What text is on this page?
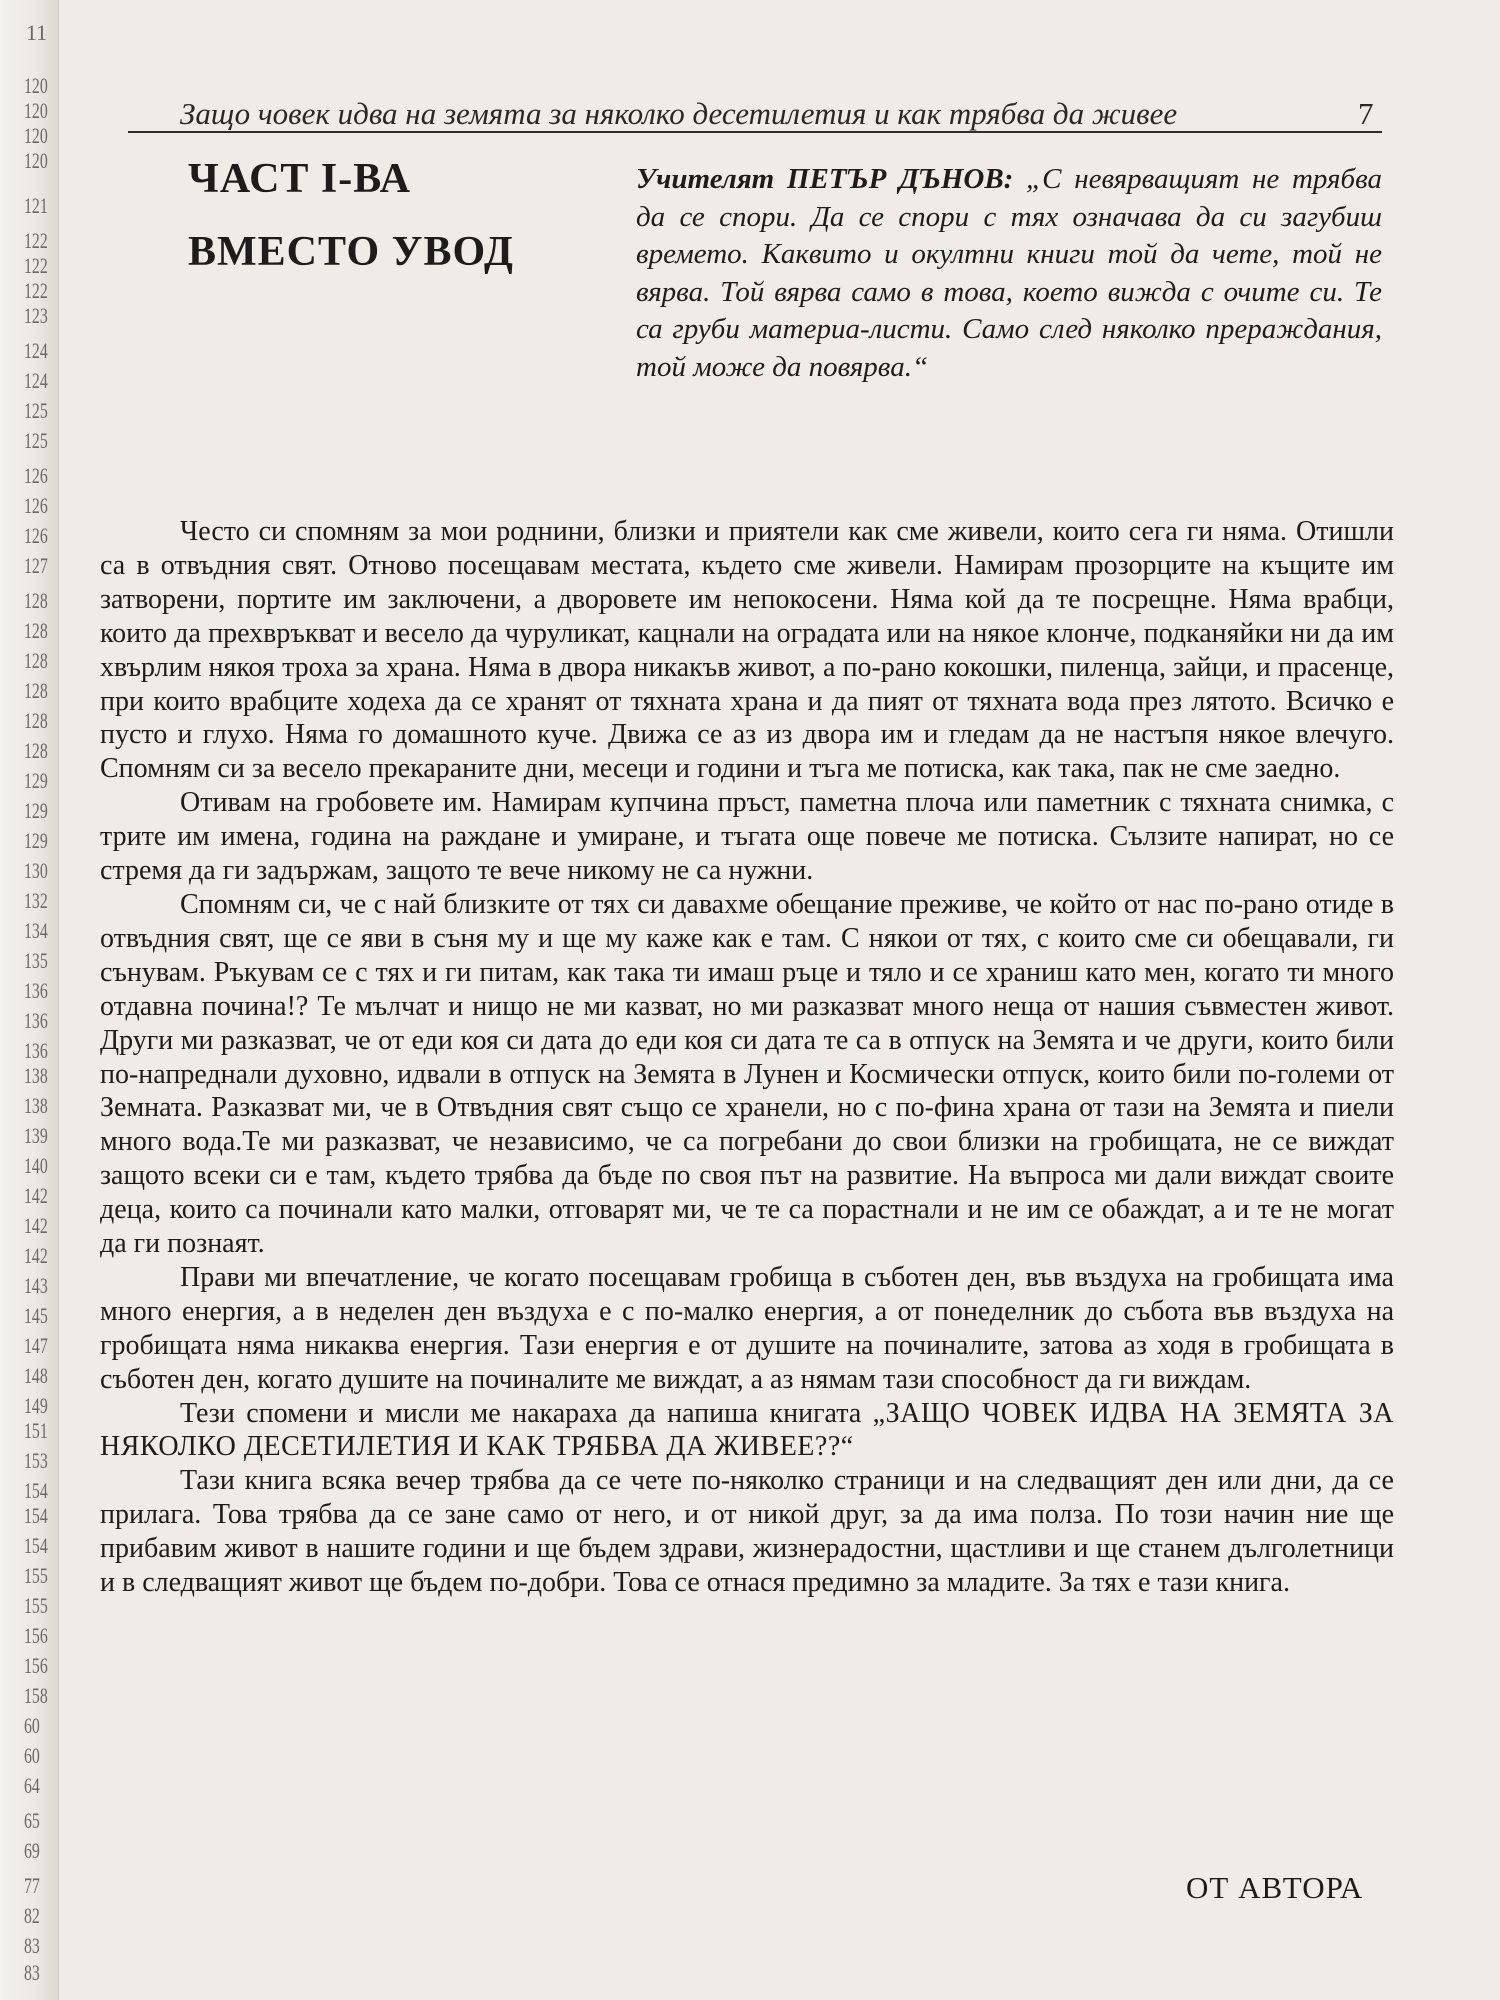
11
120
120
120
120
121
122
122
122
123
124
124
125
125
126
126
126
127
128
128
128
128
128
128
129
129
129
130
132
134
135
136
136
136
138
138
139
140
142
142
142
143
145
147
148
149
151
153
154
154
154
155
155
156
156
158
60
60
64
65
69
77
82
83
83
Защо човек идва на земята за няколко десетилетия и как трябва да живее	7
ЧАСТ I-ВА
ВМЕСТО УВОД
Учителят ПЕТЪР ДЪНОВ: „С невярващият не трябва да се спори. Да се спори с тях означава да си загубиш времето. Каквито и окултни книги той да чете, той не вярва. Той вярва само в това, което вижда с очите си. Те са груби материа-листи. Само след няколко прераждания, той може да повярва.“

Често си спомням за мои роднини, близки и приятели как сме живели, които сега ги няма. Отишли са в отвъдния свят. Отново посещавам местата, където сме живели. Намирам прозорците на къщите им затворени, портите им заключени, а дворовете им непокосени. Няма кой да те посрещне. Няма врабци, които да прехвръкват и весело да чуруликат, кацнали на оградата или на някое клонче, подканяйки ни да им хвърлим някоя троха за храна. Няма в двора никакъв живот, а по-рано кокошки, пиленца, зайци, и прасенце, при които врабците ходеха да се хранят от тяхната храна и да пият от тяхната вода през лятото. Всичко е пусто и глухо. Няма го домашното куче. Движа се аз из двора им и гледам да не настъпя някое влечуго. Спомням си за весело прекараните дни, месеци и години и тъга ме потиска, как така, пак не сме заедно.

Отивам на гробовете им. Намирам купчина пръст, паметна плоча или паметник с тяхната снимка, с трите им имена, година на раждане и умиране, и тъгата още повече ме потиска. Сълзите напират, но се стремя да ги задържам, защото те вече никому не са нужни.

Спомням си, че с най близките от тях си давахме обещание преживе, че който от нас по-рано отиде в отвъдния свят, ще се яви в съня му и ще му каже как е там. С някои от тях, с които сме си обещавали, ги сънувам. Ръкувам се с тях и ги питам, как така ти имаш ръце и тяло и се храниш като мен, когато ти много отдавна почина!? Те мълчат и нищо не ми казват, но ми разказват много неща от нашия съвместен живот. Други ми разказват, че от еди коя си дата до еди коя си дата те са в отпуск на Земята и че други, които били по-напреднали духовно, идвали в отпуск на Земята в Лунен и Космически отпуск, които били по-големи от Земната. Разказват ми, че в Отвъдния свят също се хранели, но с по-фина храна от тази на Земята и пиели много вода.Те ми разказват, че независимо, че са погребани до свои близки на гробищата, не се виждат защото всеки си е там, където трябва да бъде по своя път на развитие. На въпроса ми дали виждат своите деца, които са починали като малки, отговарят ми, че те са порастнали и не им се обаждат, а и те не могат да ги познаят.

Прави ми впечатление, че когато посещавам гробища в съботен ден, във въздуха на гробищата има много енергия, а в неделен ден въздуха е с по-малко енергия, а от понеделник до събота във въздуха на гробищата няма никаква енергия. Тази енергия е от душите на починалите, затова аз ходя в гробищата в съботен ден, когато душите на починалите ме виждат, а аз нямам тази способност да ги виждам.

Тези спомени и мисли ме накараха да напиша книгата „ЗАЩО ЧОВЕК ИДВА НА ЗЕМЯТА ЗА НЯКОЛКО ДЕСЕТИЛЕТИЯ И КАК ТРЯБВА ДА ЖИВЕЕ??“

Тази книга всяка вечер трябва да се чете по-няколко страници и на следващият ден или дни, да се прилага. Това трябва да се зане само от него, и от никой друг, за да има полза. По този начин ние ще прибавим живот в нашите години и ще бъдем здрави, жизнерадостни, щастливи и ще станем дълголетници и в следващият живот ще бъдем по-добри. Това се отнася предимно за младите. За тях е тази книга.

ОТ АВТОРА
